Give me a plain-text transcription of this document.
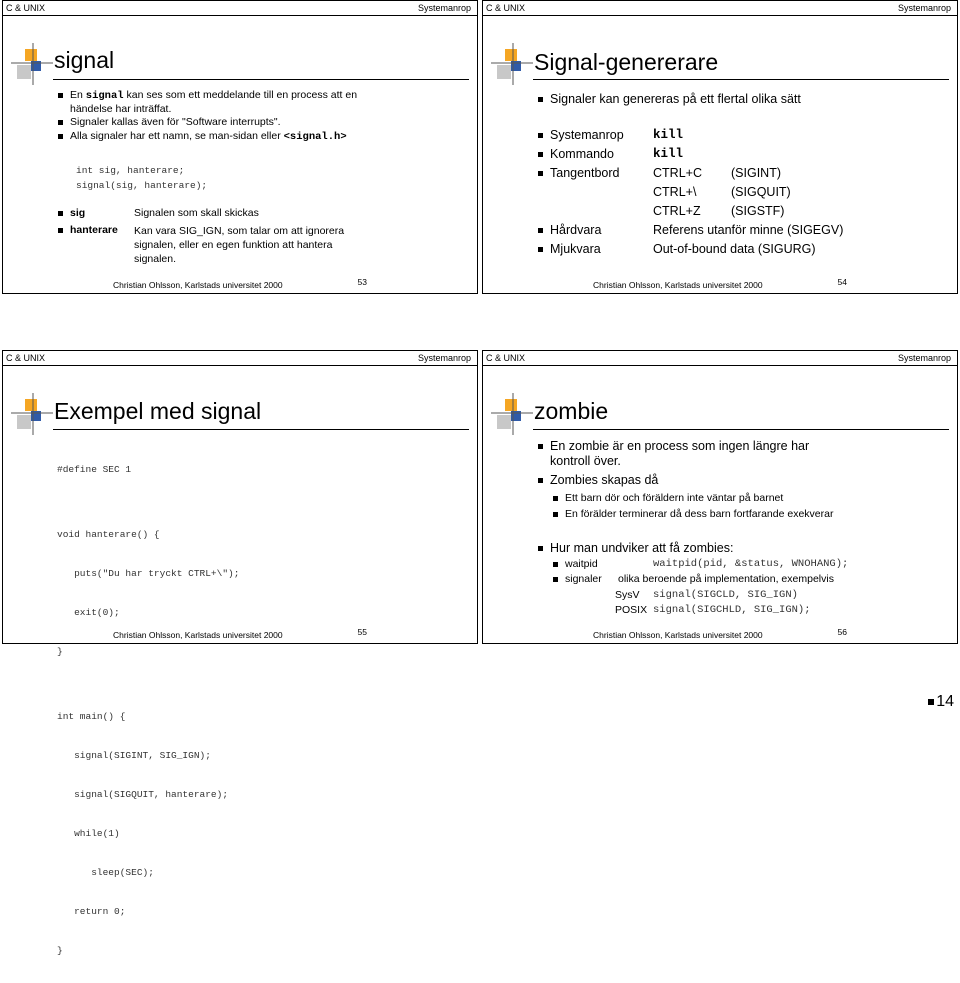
C & UNIX	Systemanrop
signal
En signal kan ses som ett meddelande till en process att en
händelse har inträffat.
Signaler kallas även för "Software interrupts".
Alla signaler har ett namn, se man-sidan eller <signal.h>
int sig, hanterare;
signal(sig, hanterare);
sig	Signalen som skall skickas
hanterare Kan vara SIG_IGN, som talar om att ignorera
signalen, eller en egen funktion att hantera
signalen.
Christian Ohlsson, Karlstads universitet 2000	53
C & UNIX	Systemanrop
Signal-genererare
Signaler kan genereras på ett flertal olika sätt
Systemanrop kill
Kommando	kill
Tangentbord	CTRL+C (SIGINT)
CTRL+\	(SIGQUIT)
CTRL+Z (SIGSTF)
Hårdvara	Referens utanför minne (SIGEGV)
Mjukvara	Out-of-bound data (SIGURG)
Christian Ohlsson, Karlstads universitet 2000	54
C & UNIX	Systemanrop
Exempel med signal

#define SEC 1

void hanterare() {

puts("Du har tryckt CTRL+\");

exit(0);

}

int main() {

signal(SIGINT, SIG_IGN);

signal(SIGQUIT, hanterare);

while(1)

sleep(SEC);

return 0;

}

Christian Ohlsson, Karlstads universitet 2000	55
C & UNIX	Systemanrop
zombie
En zombie är en process som ingen längre har
kontroll över.
Zombies skapas då
Ett barn dör och föräldern inte väntar på barnet
En förälder terminerar då dess barn fortfarande exekverar
Hur man undviker att få zombies:
waitpid	waitpid(pid, &status, WNOHANG);
signaler olika beroende på implementation, exempelvis
SysV signal(SIGCLD, SIG_IGN)
POSIX signal(SIGCHLD, SIG_IGN);
Christian Ohlsson, Karlstads universitet 2000	56
14
